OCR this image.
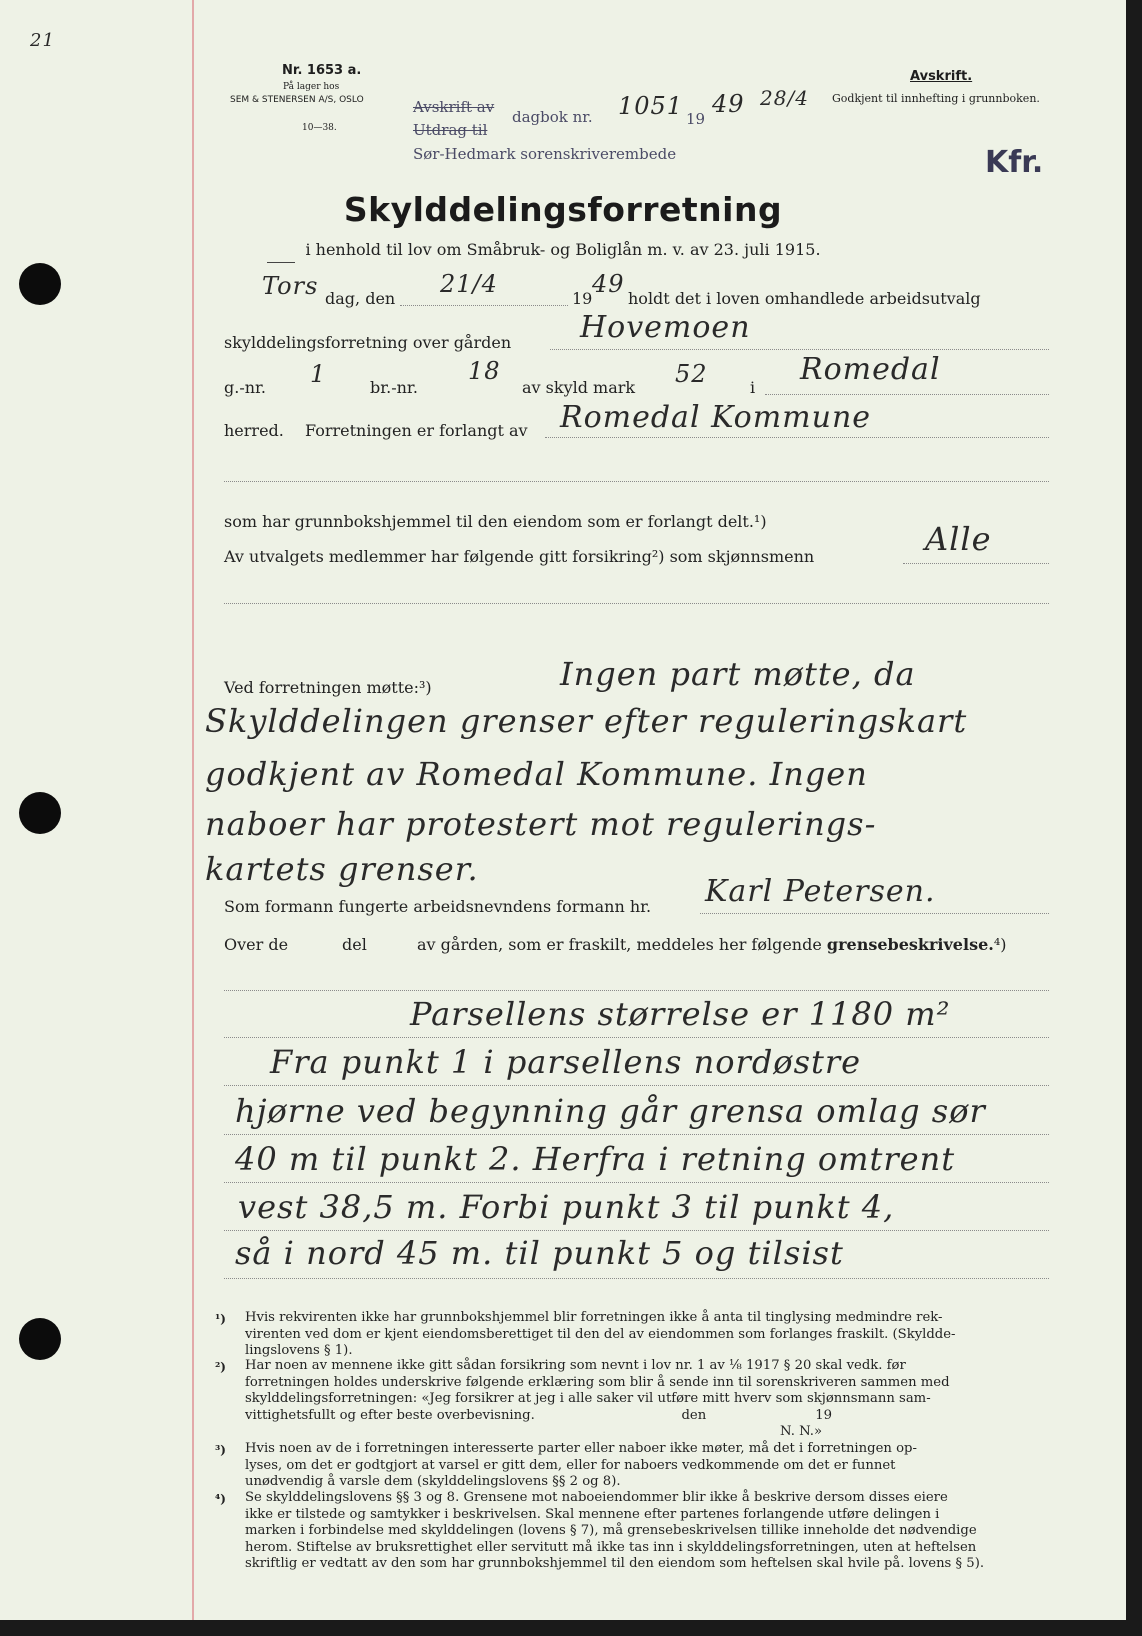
21
Nr. 1653 a.
På lager hos
SEM & STENERSEN A/S, OSLO
10—38.
Avskrift av
dagbok nr. 1051 19
49 28/4
Utdrag til
Sør-Hedmark sorenskriverembede
Avskrift.
Godkjent til innhefting i grunnboken.
Kfr.
Skylddelingsforretning
i henhold til lov om Småbruk- og Boliglån m. v. av 23. juli 1915.
Tors dag, den
21/4
19
49
holdt det i loven omhandlede arbeidsutvalg
skylddelingsforretning over gården Hovemoen
g.-nr. 1	br.-nr.
18
av skyld mark 52	i
Romedal
herred. Forretningen er forlangt av Romedal Kommune
som har grunnbokshjemmel til den eiendom som er forlangt delt.¹)
Av utvalgets medlemmer har følgende gitt forsikring²) som skjønnsmenn	Alle
Ved forretningen møtte:³)	Ingen part møtte, da
Skylddelingen grenser efter reguleringskart
godkjent av Romedal Kommune. Ingen
naboer har protestert mot regulerings-
kartets grenser.
Som formann fungerte arbeidsnevndens formann hr. Karl Petersen.
Over de	del	av gården, som er fraskilt, meddeles her følgende grensebeskrivelse.⁴)
Parsellens størrelse er 1180 m²
Fra punkt 1 i parsellens nordøstre
hjørne ved begynning går grensa omlag sør
40 m til punkt 2. Herfra i retning omtrent
vest 38,5 m. Forbi punkt 3 til punkt 4,
så i nord 45 m. til punkt 5 og tilsist
¹) Hvis rekvirenten ikke har grunnbokshjemmel blir forretningen ikke å anta til tinglysing medmindre rek-
virenten ved dom er kjent eiendomsberettiget til den del av eiendommen som forlanges fraskilt. (Skyldde-
lingslovens § 1).
²) Har noen av mennene ikke gitt sådan forsikring som nevnt i lov nr. 1 av ⅛ 1917 § 20 skal vedk. før
forretningen holdes underskrive følgende erklæring som blir å sende inn til sorenskriveren sammen med
skylddelingsforretningen: «Jeg forsikrer at jeg i alle saker vil utføre mitt hverv som skjønnsmann sam-
vittighetsfullt og efter beste overbevisning.                                   den                          19
N. N.»
³) Hvis noen av de i forretningen interesserte parter eller naboer ikke møter, må det i forretningen op-
lyses, om det er godtgjort at varsel er gitt dem, eller for naboers vedkommende om det er funnet
unødvendig å varsle dem (skylddelingslovens §§ 2 og 8).
⁴) Se skylddelingslovens §§ 3 og 8. Grensene mot naboeiendommer blir ikke å beskrive dersom disses eiere
ikke er tilstede og samtykker i beskrivelsen. Skal mennene efter partenes forlangende utføre delingen i
marken i forbindelse med skylddelingen (lovens § 7), må grensebeskrivelsen tillike inneholde det nødvendige
herom. Stiftelse av bruksrettighet eller servitutt må ikke tas inn i skylddelingsforretningen, uten at heftelsen
skriftlig er vedtatt av den som har grunnbokshjemmel til den eiendom som heftelsen skal hvile på. lovens § 5).
